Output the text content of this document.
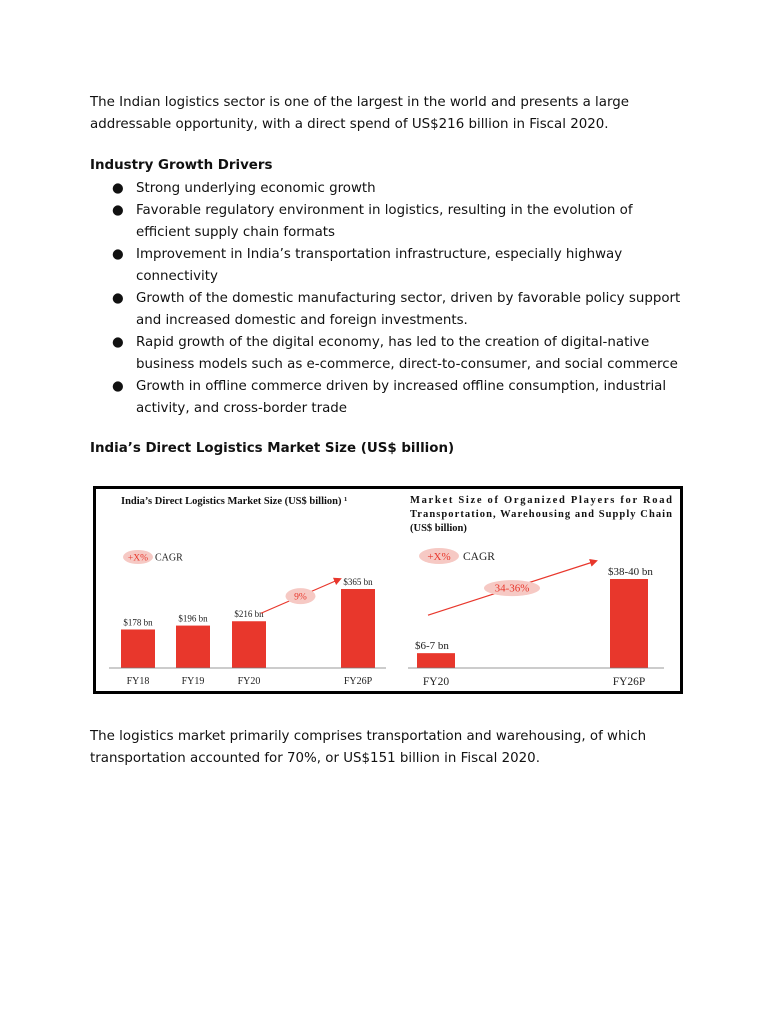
The Indian logistics sector is one of the largest in the world and presents a large addressable opportunity, with a direct spend of US$216 billion in Fiscal 2020.

Industry Growth Drivers

● Strong underlying economic growth
● Favorable regulatory environment in logistics, resulting in the evolution of efficient supply chain formats
● Improvement in India’s transportation infrastructure, especially highway connectivity
● Growth of the domestic manufacturing sector, driven by favorable policy support and increased domestic and foreign investments.
● Rapid growth of the digital economy, has led to the creation of digital-native business models such as e-commerce, direct-to-consumer, and social commerce
● Growth in offline commerce driven by increased offline consumption, industrial activity, and cross-border trade

India’s Direct Logistics Market Size (US$ billion)

India’s Direct Logistics Market Size (US$ billion) ¹
+X% CAGR
$178 bn
FY18
$196 bn
FY19
$216 bn
FY20
$365 bn
FY26P
9%
Market Size of Organized Players for Road
Transportation, Warehousing and Supply Chain
(US$ billion)
+X% CAGR
$6-7 bn
FY20
$38-40 bn
FY26P
34-36%

The logistics market primarily comprises transportation and warehousing, of which transportation accounted for 70%, or US$151 billion in Fiscal 2020.
